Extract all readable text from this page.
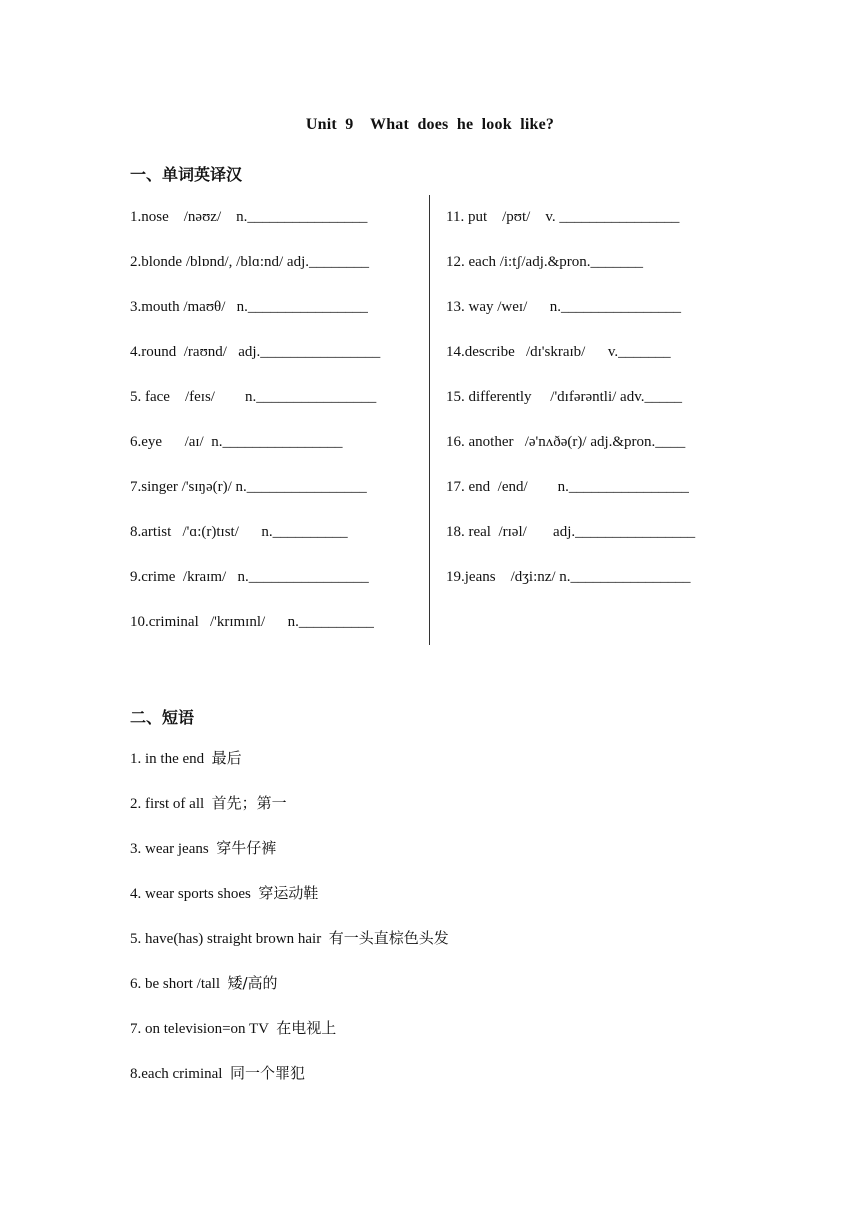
Unit  9    What  does  he  look  like?
一、单词英译汉
1.nose    /nəʊz/    n.________________
2.blonde /blɒnd/, /blɑ:nd/ adj.________
3.mouth /maʊθ/   n.________________
4.round  /raʊnd/   adj.________________
5. face    /feɪs/        n.________________
6.eye      /aɪ/  n.________________
7.singer /'sɪŋə(r)/ n.________________
8.artist   /'ɑ:(r)tɪst/      n.__________
9.crime  /kraɪm/   n.________________
10.criminal   /'krɪmɪnl/      n.__________
11. put    /pʊt/    v. ________________
12. each /i:tʃ/adj.&pron._______
13. way /weɪ/      n.________________
14.describe   /dɪ'skraɪb/      v._______
15. differently     /'dɪfərəntli/ adv._____
16. another   /ə'nʌðə(r)/ adj.&pron.____
17. end  /end/        n.________________
18. real  /rɪəl/       adj.________________
19.jeans    /dʒi:nz/ n.________________
二、短语
1. in the end 最后
2. first of all 首先；第一
3. wear jeans 穿牛仔裤
4. wear sports shoes 穿运动鞋
5. have(has) straight brown hair 有一头直棕色头发
6. be short /tall 矮/高的
7. on television=on TV 在电视上
8.each criminal 同一个罪犯
